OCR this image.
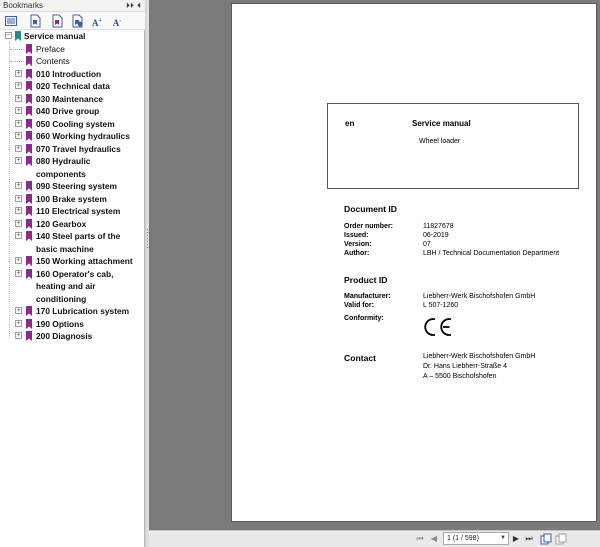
Bookmarks	⏵⏵ ⏴
A+	A-
− Service manual
Preface
Contents
+ 010 Introduction
+ 020 Technical data
+ 030 Maintenance
+ 040 Drive group
+ 050 Cooling system
+ 060 Working hydraulics
+ 070 Travel hydraulics
+ 080 Hydraulic components
+ 090 Steering system
+ 100 Brake system
+ 110 Electrical system
+ 120 Gearbox
+ 140 Steel parts of the basic machine
+ 150 Working attachment
+ 160 Operator's cab, heating and air conditioning
+ 170 Lubrication system
+ 190 Options
+ 200 Diagnosis
en	Service manual
Wheel loader
Document ID
Order number:	11827678
Issued:	06-2019
Version:	07
Author:	LBH / Technical Documentation Department
Product ID
Manufacturer:	Liebherr-Werk Bischofshofen GmbH
Valid for:	L 507-1260
Conformity:
Contact	Liebherr-Werk Bischofshofen GmbH
Dr. Hans Liebherr-Straße 4
A – 5500 Bischofshofen
⏮ ◀	1 (1 / 598)	▼ ▶ ⏭
